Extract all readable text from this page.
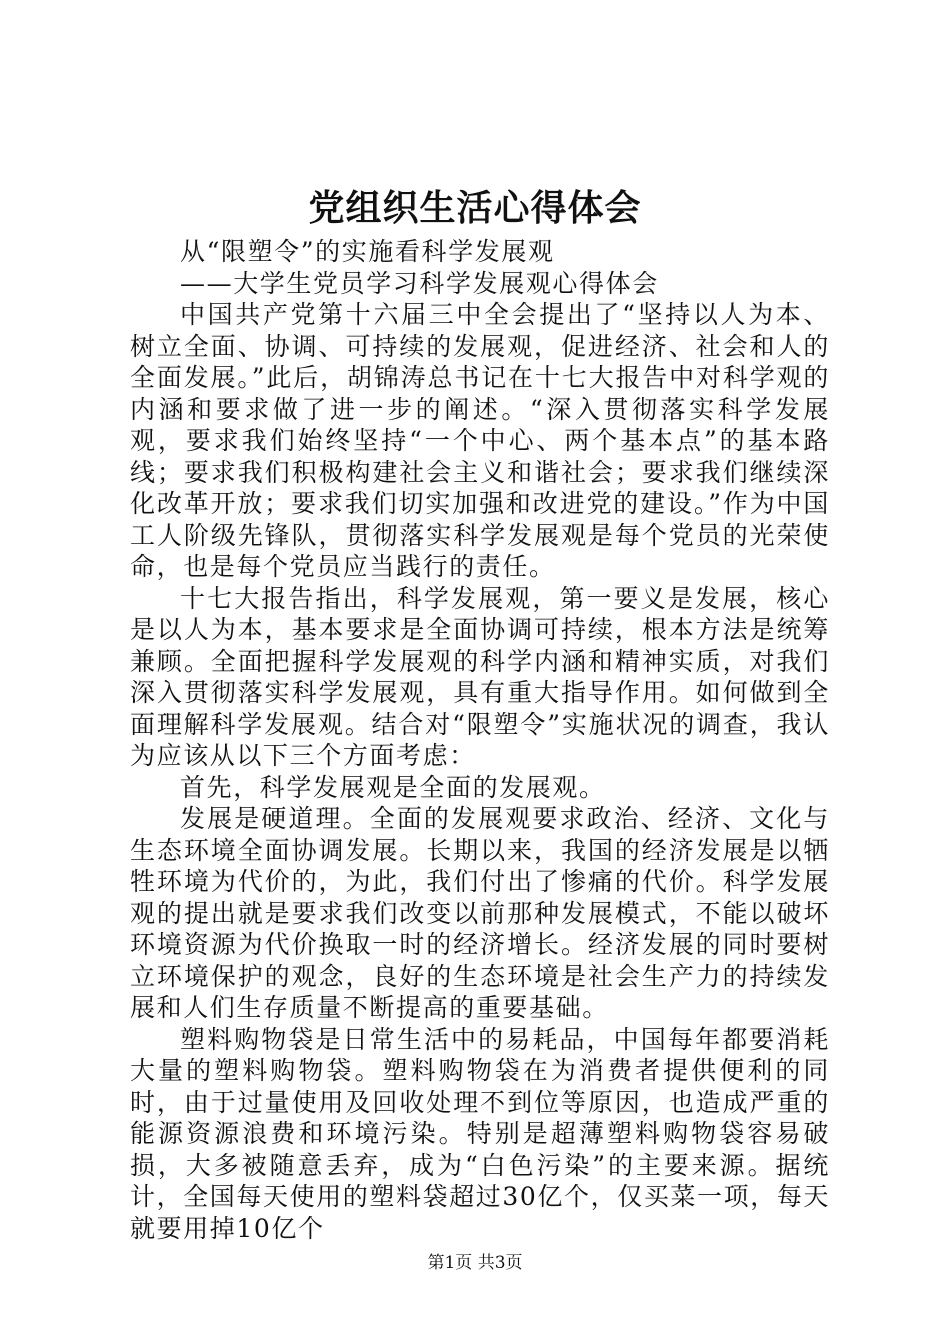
党组织生活心得体会

从“限塑令”的实施看科学发展观

——大学生党员学习科学发展观心得体会

中国共产党第十六届三中全会提出了“坚持以人为本、树立全面、协调、可持续的发展观，促进经济、社会和人的全面发展。”此后，胡锦涛总书记在十七大报告中对科学观的内涵和要求做了进一步的阐述。“深入贯彻落实科学发展观，要求我们始终坚持“一个中心、两个基本点”的基本路线；要求我们积极构建社会主义和谐社会；要求我们继续深化改革开放；要求我们切实加强和改进党的建设。”作为中国工人阶级先锋队，贯彻落实科学发展观是每个党员的光荣使命，也是每个党员应当践行的责任。

十七大报告指出，科学发展观，第一要义是发展，核心是以人为本，基本要求是全面协调可持续，根本方法是统筹兼顾。全面把握科学发展观的科学内涵和精神实质，对我们深入贯彻落实科学发展观，具有重大指导作用。如何做到全面理解科学发展观。结合对“限塑令”实施状况的调查，我认为应该从以下三个方面考虑：

首先，科学发展观是全面的发展观。

发展是硬道理。全面的发展观要求政治、经济、文化与生态环境全面协调发展。长期以来，我国的经济发展是以牺牲环境为代价的，为此，我们付出了惨痛的代价。科学发展观的提出就是要求我们改变以前那种发展模式，不能以破坏环境资源为代价换取一时的经济增长。经济发展的同时要树立环境保护的观念，良好的生态环境是社会生产力的持续发展和人们生存质量不断提高的重要基础。

塑料购物袋是日常生活中的易耗品，中国每年都要消耗大量的塑料购物袋。塑料购物袋在为消费者提供便利的同时，由于过量使用及回收处理不到位等原因，也造成严重的能源资源浪费和环境污染。特别是超薄塑料购物袋容易破损，大多被随意丢弃，成为“白色污染”的主要来源。据统计，全国每天使用的塑料袋超过30亿个，仅买菜一项，每天就要用掉10亿个

第1页 共3页
